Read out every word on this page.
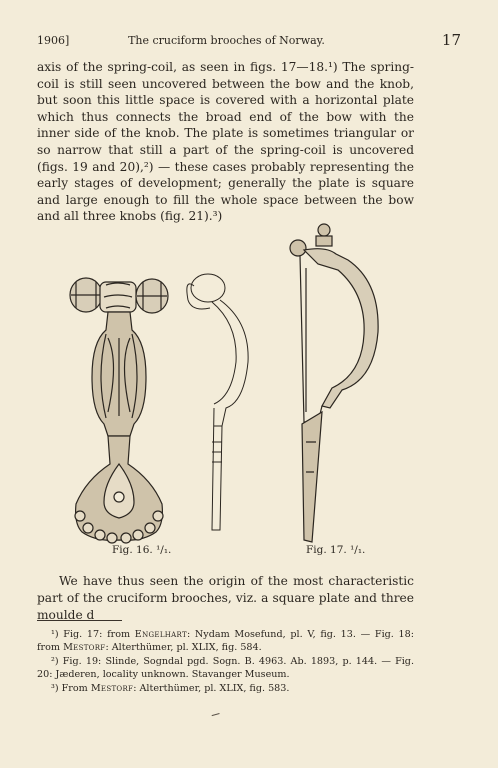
1906]	The cruciform brooches of Norway.	17
axis of the spring-coil, as seen in figs. 17—18.¹) The spring-coil is still seen uncovered between the bow and the knob, but soon this little space is covered with a horizontal plate which thus connects the broad end of the bow with the inner side of the knob. The plate is sometimes triangular or so narrow that still a part of the spring-coil is uncovered (figs. 19 and 20),²) — these cases probably representing the early stages of development; generally the plate is square and large enough to fill the whole space between the bow and all three knobs (fig. 21).³)
Fig. 16. ¹/₁.	Fig. 17. ¹/₁.
We have thus seen the origin of the most characteristic part of the cruciform brooches, viz. a square plate and three moulde d

¹) Fig. 17: from Engelhart: Nydam Mosefund, pl. V, fig. 13. — Fig. 18: from Mestorf: Alterthümer, pl. XLIX, fig. 584.

²) Fig. 19: Slinde, Sogndal pgd. Sogn. B. 4963. Ab. 1893, p. 144. — Fig. 20: Jæderen, locality unknown. Stavanger Museum.

³) From Mestorf: Alterthümer, pl. XLIX, fig. 583.
